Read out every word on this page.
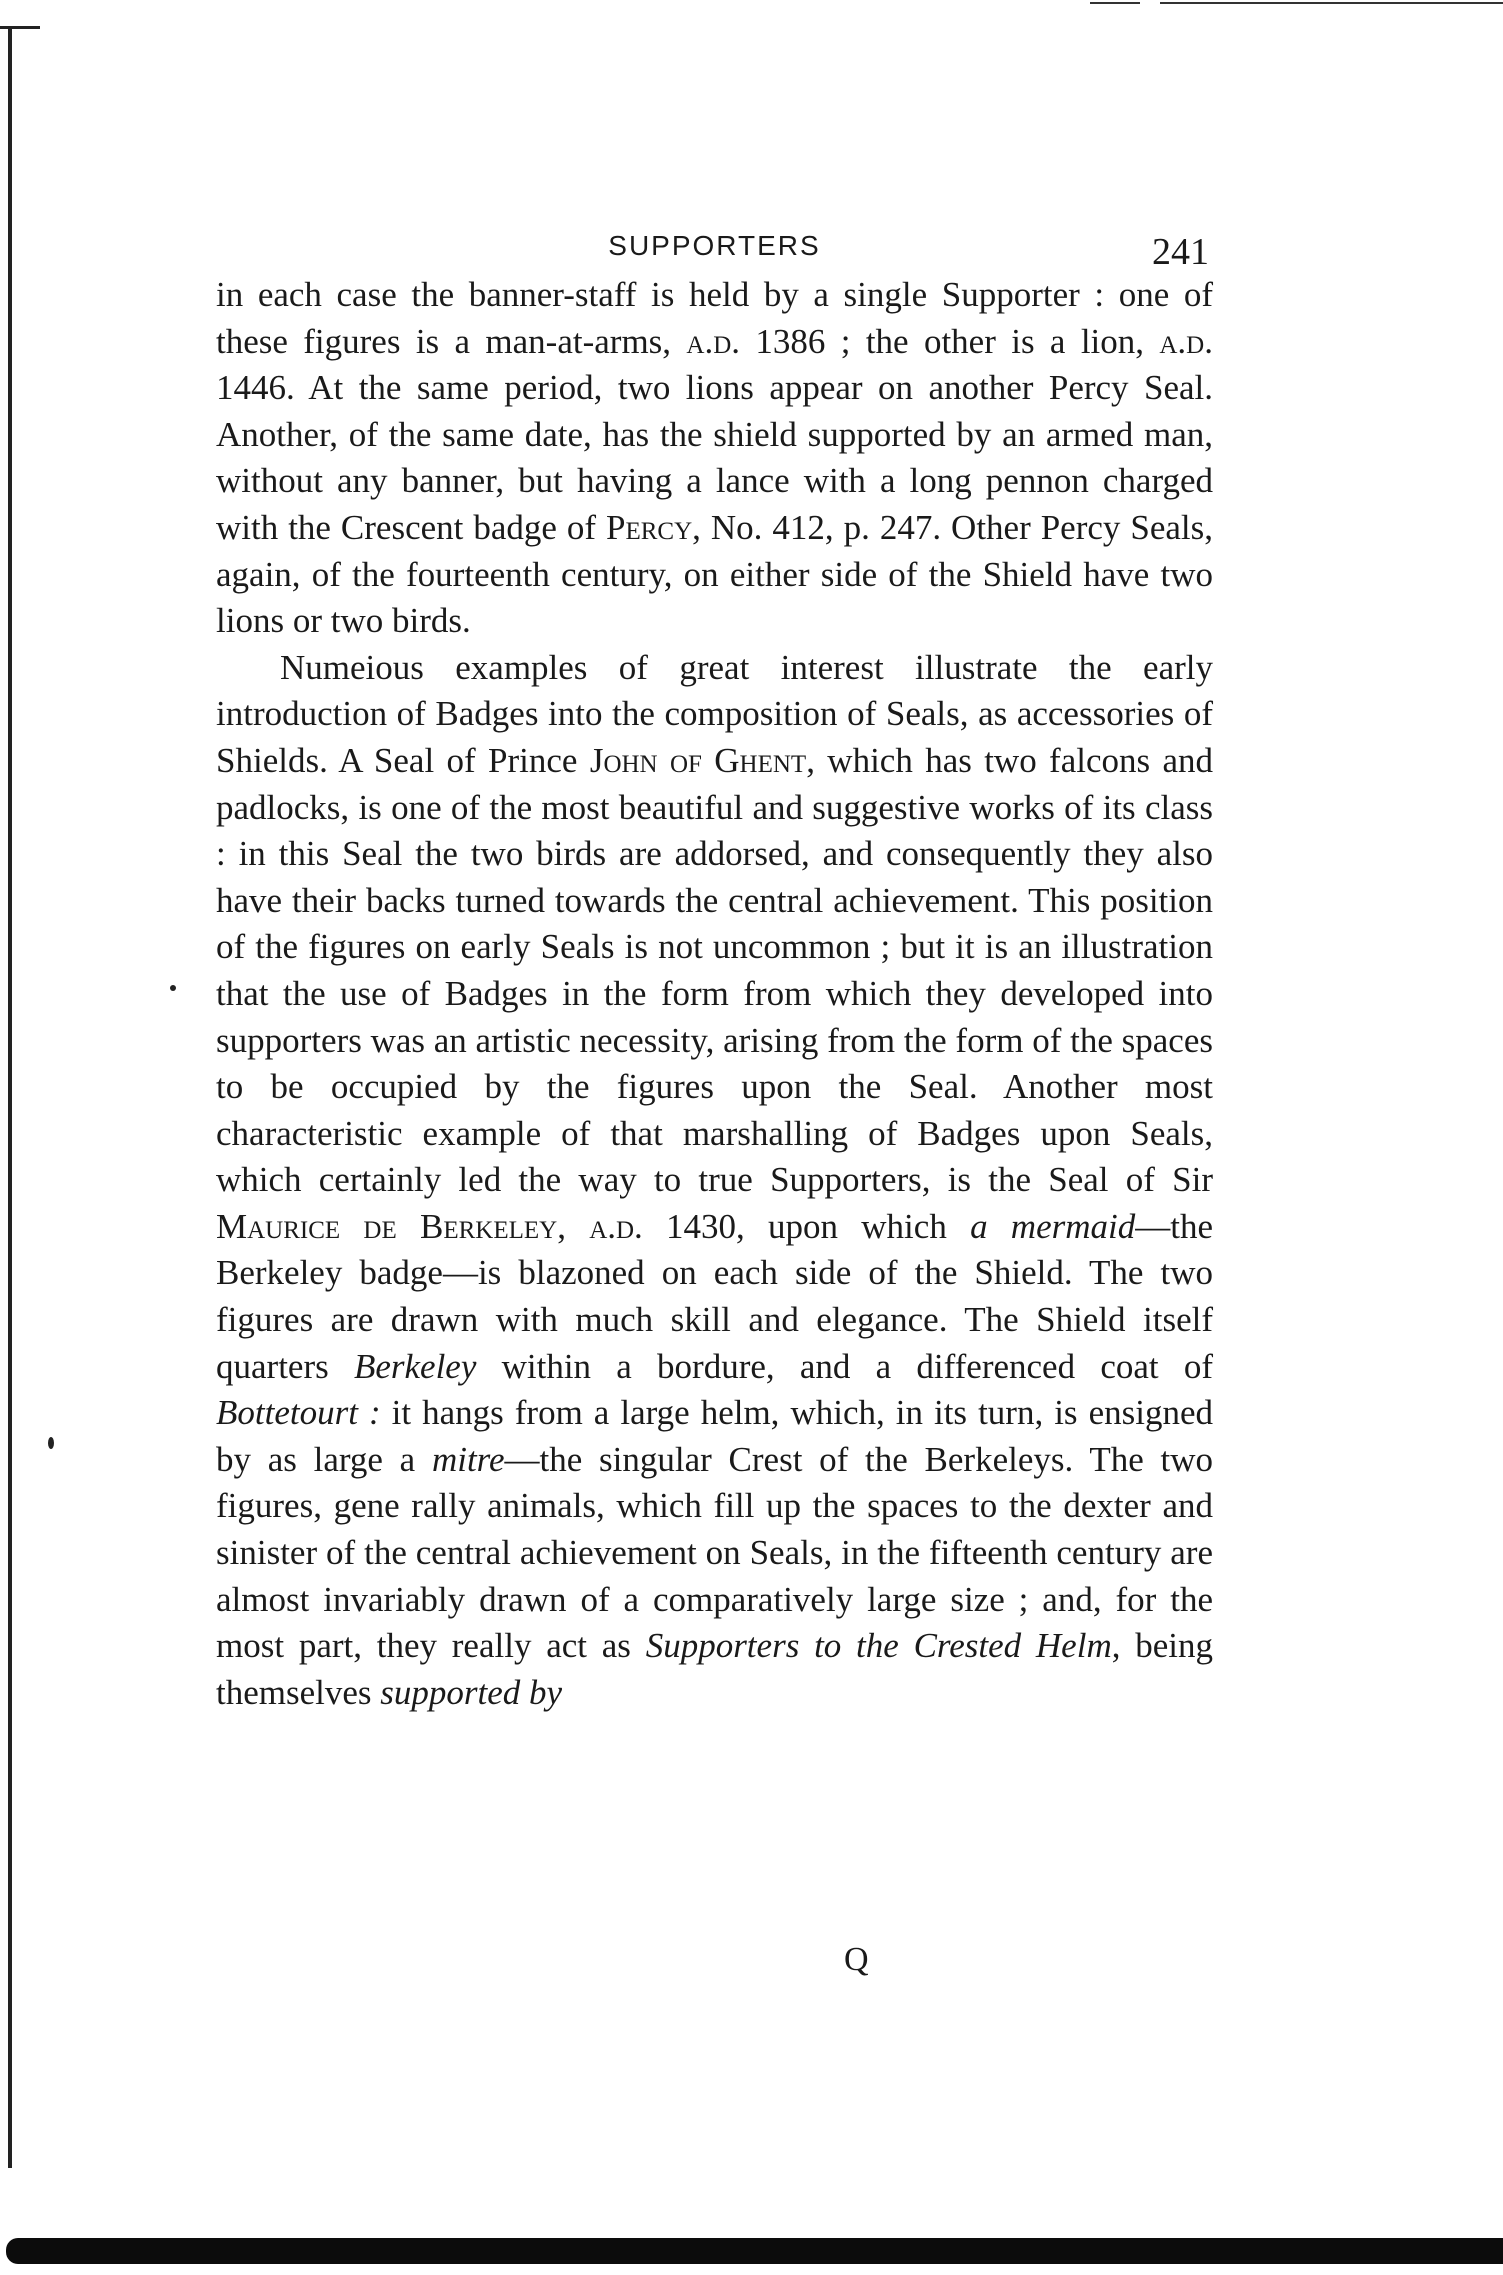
SUPPORTERS	241

in each case the banner-staff is held by a single Supporter : one of these figures is a man-at-arms, a.d. 1386 ; the other is a lion, a.d. 1446. At the same period, two lions appear on another Percy Seal. Another, of the same date, has the shield supported by an armed man, without any banner, but having a lance with a long pennon charged with the Crescent badge of Percy, No. 412, p. 247. Other Percy Seals, again, of the fourteenth century, on either side of the Shield have two lions or two birds.

Numeious examples of great interest illustrate the early introduction of Badges into the composition of Seals, as accessories of Shields. A Seal of Prince John of Ghent, which has two falcons and padlocks, is one of the most beautiful and suggestive works of its class : in this Seal the two birds are addorsed, and consequently they also have their backs turned towards the central achievement. This position of the figures on early Seals is not uncommon ; but it is an illustration that the use of Badges in the form from which they developed into supporters was an artistic necessity, arising from the form of the spaces to be occupied by the figures upon the Seal. Another most characteristic example of that marshalling of Badges upon Seals, which certainly led the way to true Supporters, is the Seal of Sir Maurice de Berkeley, a.d. 1430, upon which a mermaid—the Berkeley badge—is blazoned on each side of the Shield. The two figures are drawn with much skill and elegance. The Shield itself quarters Berkeley within a bordure, and a differenced coat of Bottetourt : it hangs from a large helm, which, in its turn, is ensigned by as large a mitre—the singular Crest of the Berkeleys. The two figures, gene rally animals, which fill up the spaces to the dexter and sinister of the central achievement on Seals, in the fifteenth century are almost invariably drawn of a comparatively large size ; and, for the most part, they really act as Supporters to the Crested Helm, being themselves supported by

Q
